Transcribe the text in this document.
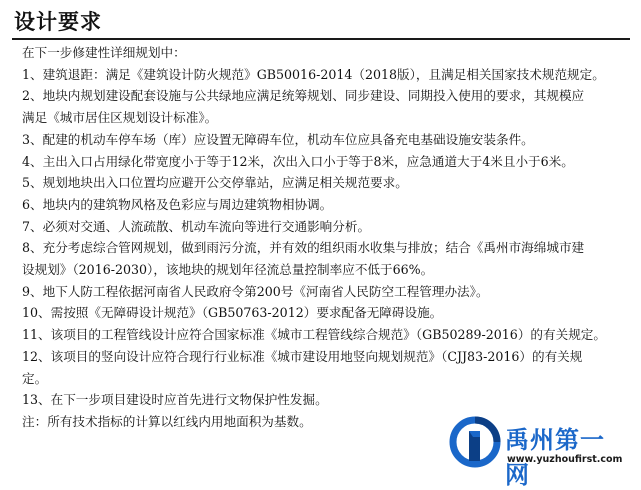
设计要求

在下一步修建性详细规划中：

1、建筑退距：满足《建筑设计防火规范》GB50016-2014（2018版），且满足相关国家技术规范规定。

2、地块内规划建设配套设施与公共绿地应满足统筹规划、同步建设、同期投入使用的要求，其规模应

满足《城市居住区规划设计标准》。

3、配建的机动车停车场（库）应设置无障碍车位，机动车位应具备充电基础设施安装条件。

4、主出入口占用绿化带宽度小于等于12米，次出入口小于等于8米，应急通道大于4米且小于6米。

5、规划地块出入口位置均应避开公交停靠站，应满足相关规范要求。

6、地块内的建筑物风格及色彩应与周边建筑物相协调。

7、必须对交通、人流疏散、机动车流向等进行交通影响分析。

8、充分考虑综合管网规划，做到雨污分流，并有效的组织雨水收集与排放；结合《禹州市海绵城市建

设规划》（2016-2030），该地块的规划年径流总量控制率应不低于66%。

9、地下人防工程依据河南省人民政府令第200号《河南省人民防空工程管理办法》。

10、需按照《无障碍设计规范》（GB50763-2012）要求配备无障碍设施。

11、该项目的工程管线设计应符合国家标准《城市工程管线综合规范》（GB50289-2016）的有关规定。

12、该项目的竖向设计应符合现行行业标准《城市建设用地竖向规划规范》（CJJ83-2016）的有关规

定。

13、在下一步项目建设时应首先进行文物保护性发掘。

注：所有技术指标的计算以红线内用地面积为基数。

禹州第一网
www.yuzhoufirst.com
